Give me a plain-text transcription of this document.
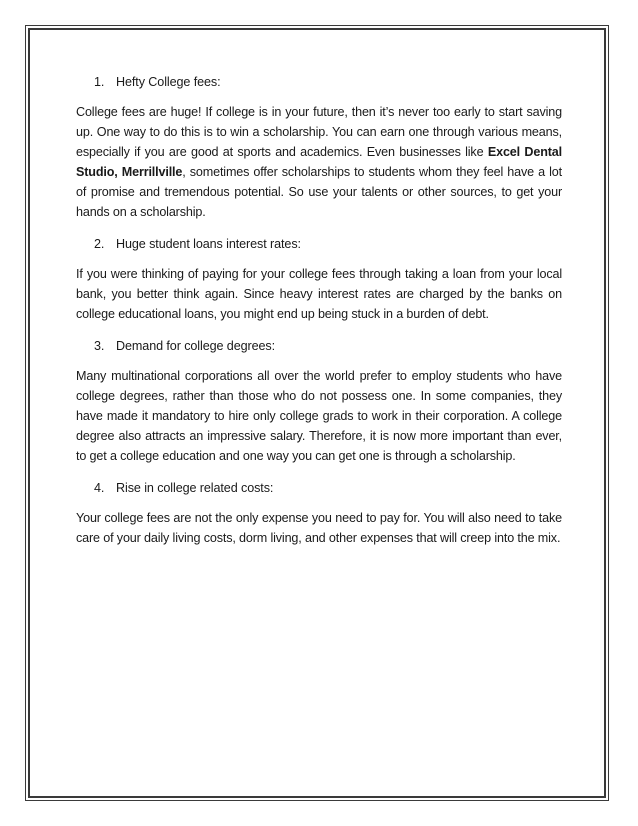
1. Hefty College fees:

College fees are huge! If college is in your future, then it’s never too early to start saving up. One way to do this is to win a scholarship. You can earn one through various means, especially if you are good at sports and academics. Even businesses like Excel Dental Studio, Merrillville, sometimes offer scholarships to students whom they feel have a lot of promise and tremendous potential. So use your talents or other sources, to get your hands on a scholarship.

2. Huge student loans interest rates:

If you were thinking of paying for your college fees through taking a loan from your local bank, you better think again. Since heavy interest rates are charged by the banks on college educational loans, you might end up being stuck in a burden of debt.

3. Demand for college degrees:

Many multinational corporations all over the world prefer to employ students who have college degrees, rather than those who do not possess one. In some companies, they have made it mandatory to hire only college grads to work in their corporation. A college degree also attracts an impressive salary. Therefore, it is now more important than ever, to get a college education and one way you can get one is through a scholarship.

4. Rise in college related costs:

Your college fees are not the only expense you need to pay for. You will also need to take care of your daily living costs, dorm living, and other expenses that will creep into the mix.
